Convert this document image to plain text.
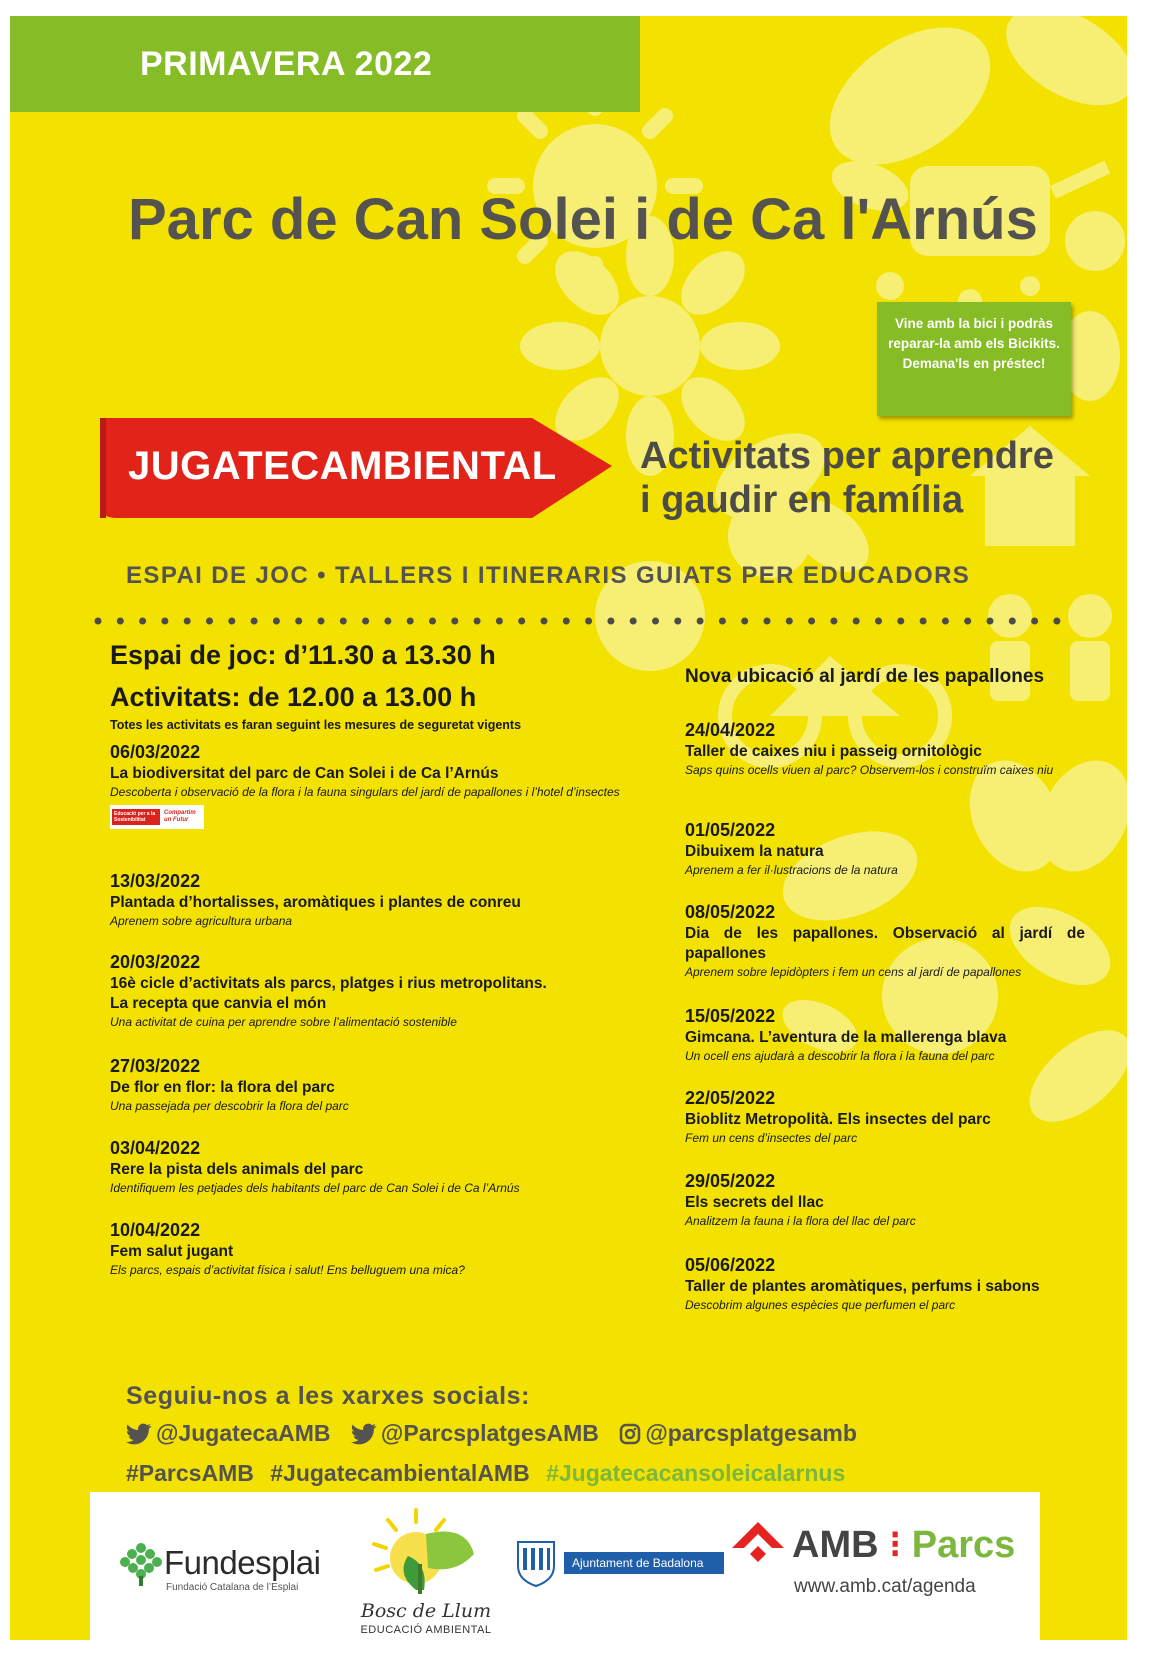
PRIMAVERA 2022
Parc de Can Solei i de Ca l'Arnús
Vine amb la bici i podràs reparar-la amb els Bicikits. Demana'ls en préstec!
JUGATECAMBIENTAL Activitats per aprendre
i gaudir en família
ESPAI DE JOC • TALLERS I ITINERARIS GUIATS PER EDUCADORS
Espai de joc: d’11.30 a 13.30 h
Activitats: de 12.00 a 13.00 h
Totes les activitats es faran seguint les mesures de seguretat vigents
Nova ubicació al jardí de les papallones
06/03/2022
La biodiversitat del parc de Can Solei i de Ca l’Arnús
Descoberta i observació de la flora i la fauna singulars del jardí de papallones i l’hotel d’insectes
Educació per a la Sostenibilitat
Compartim
un Futur
13/03/2022
Plantada d’hortalisses, aromàtiques i plantes de conreu
Aprenem sobre agricultura urbana
20/03/2022
16è cicle d’activitats als parcs, platges i rius metropolitans.
La recepta que canvia el món
Una activitat de cuina per aprendre sobre l’alimentació sostenible
27/03/2022
De flor en flor: la flora del parc
Una passejada per descobrir la flora del parc
03/04/2022
Rere la pista dels animals del parc
Identifiquem les petjades dels habitants del parc de Can Solei i de Ca l’Arnús
10/04/2022
Fem salut jugant
Els parcs, espais d’activitat física i salut! Ens belluguem una mica?
24/04/2022
Taller de caixes niu i passeig ornitològic
Saps quins ocells viuen al parc? Observem-los i construïm caixes niu
01/05/2022
Dibuixem la natura
Aprenem a fer il·lustracions de la natura
08/05/2022
Dia de les papallones. Observació al jardí de papallones
Aprenem sobre lepidòpters i fem un cens al jardí de papallones
15/05/2022
Gimcana. L’aventura de la mallerenga blava
Un ocell ens ajudarà a descobrir la flora i la fauna del parc
22/05/2022
Bioblitz Metropolità. Els insectes del parc
Fem un cens d’insectes del parc
29/05/2022
Els secrets del llac
Analitzem la fauna i la flora del llac del parc
05/06/2022
Taller de plantes aromàtiques, perfums i sabons
Descobrim algunes espècies que perfumen el parc
Seguiu-nos a les xarxes socials:
@JugatecaAMB
@ParcsplatgesAMB
@parcsplatgesamb
#ParcsAMB #JugatecambientalAMB #Jugatecacansoleicalarnus
Fundesplai
Fundació Catalana de l’Esplai
Bosc de Llum
EDUCACIÓ AMBIENTAL
Ajuntament de Badalona	AMB ⁝ Parcs
www.amb.cat/agenda
